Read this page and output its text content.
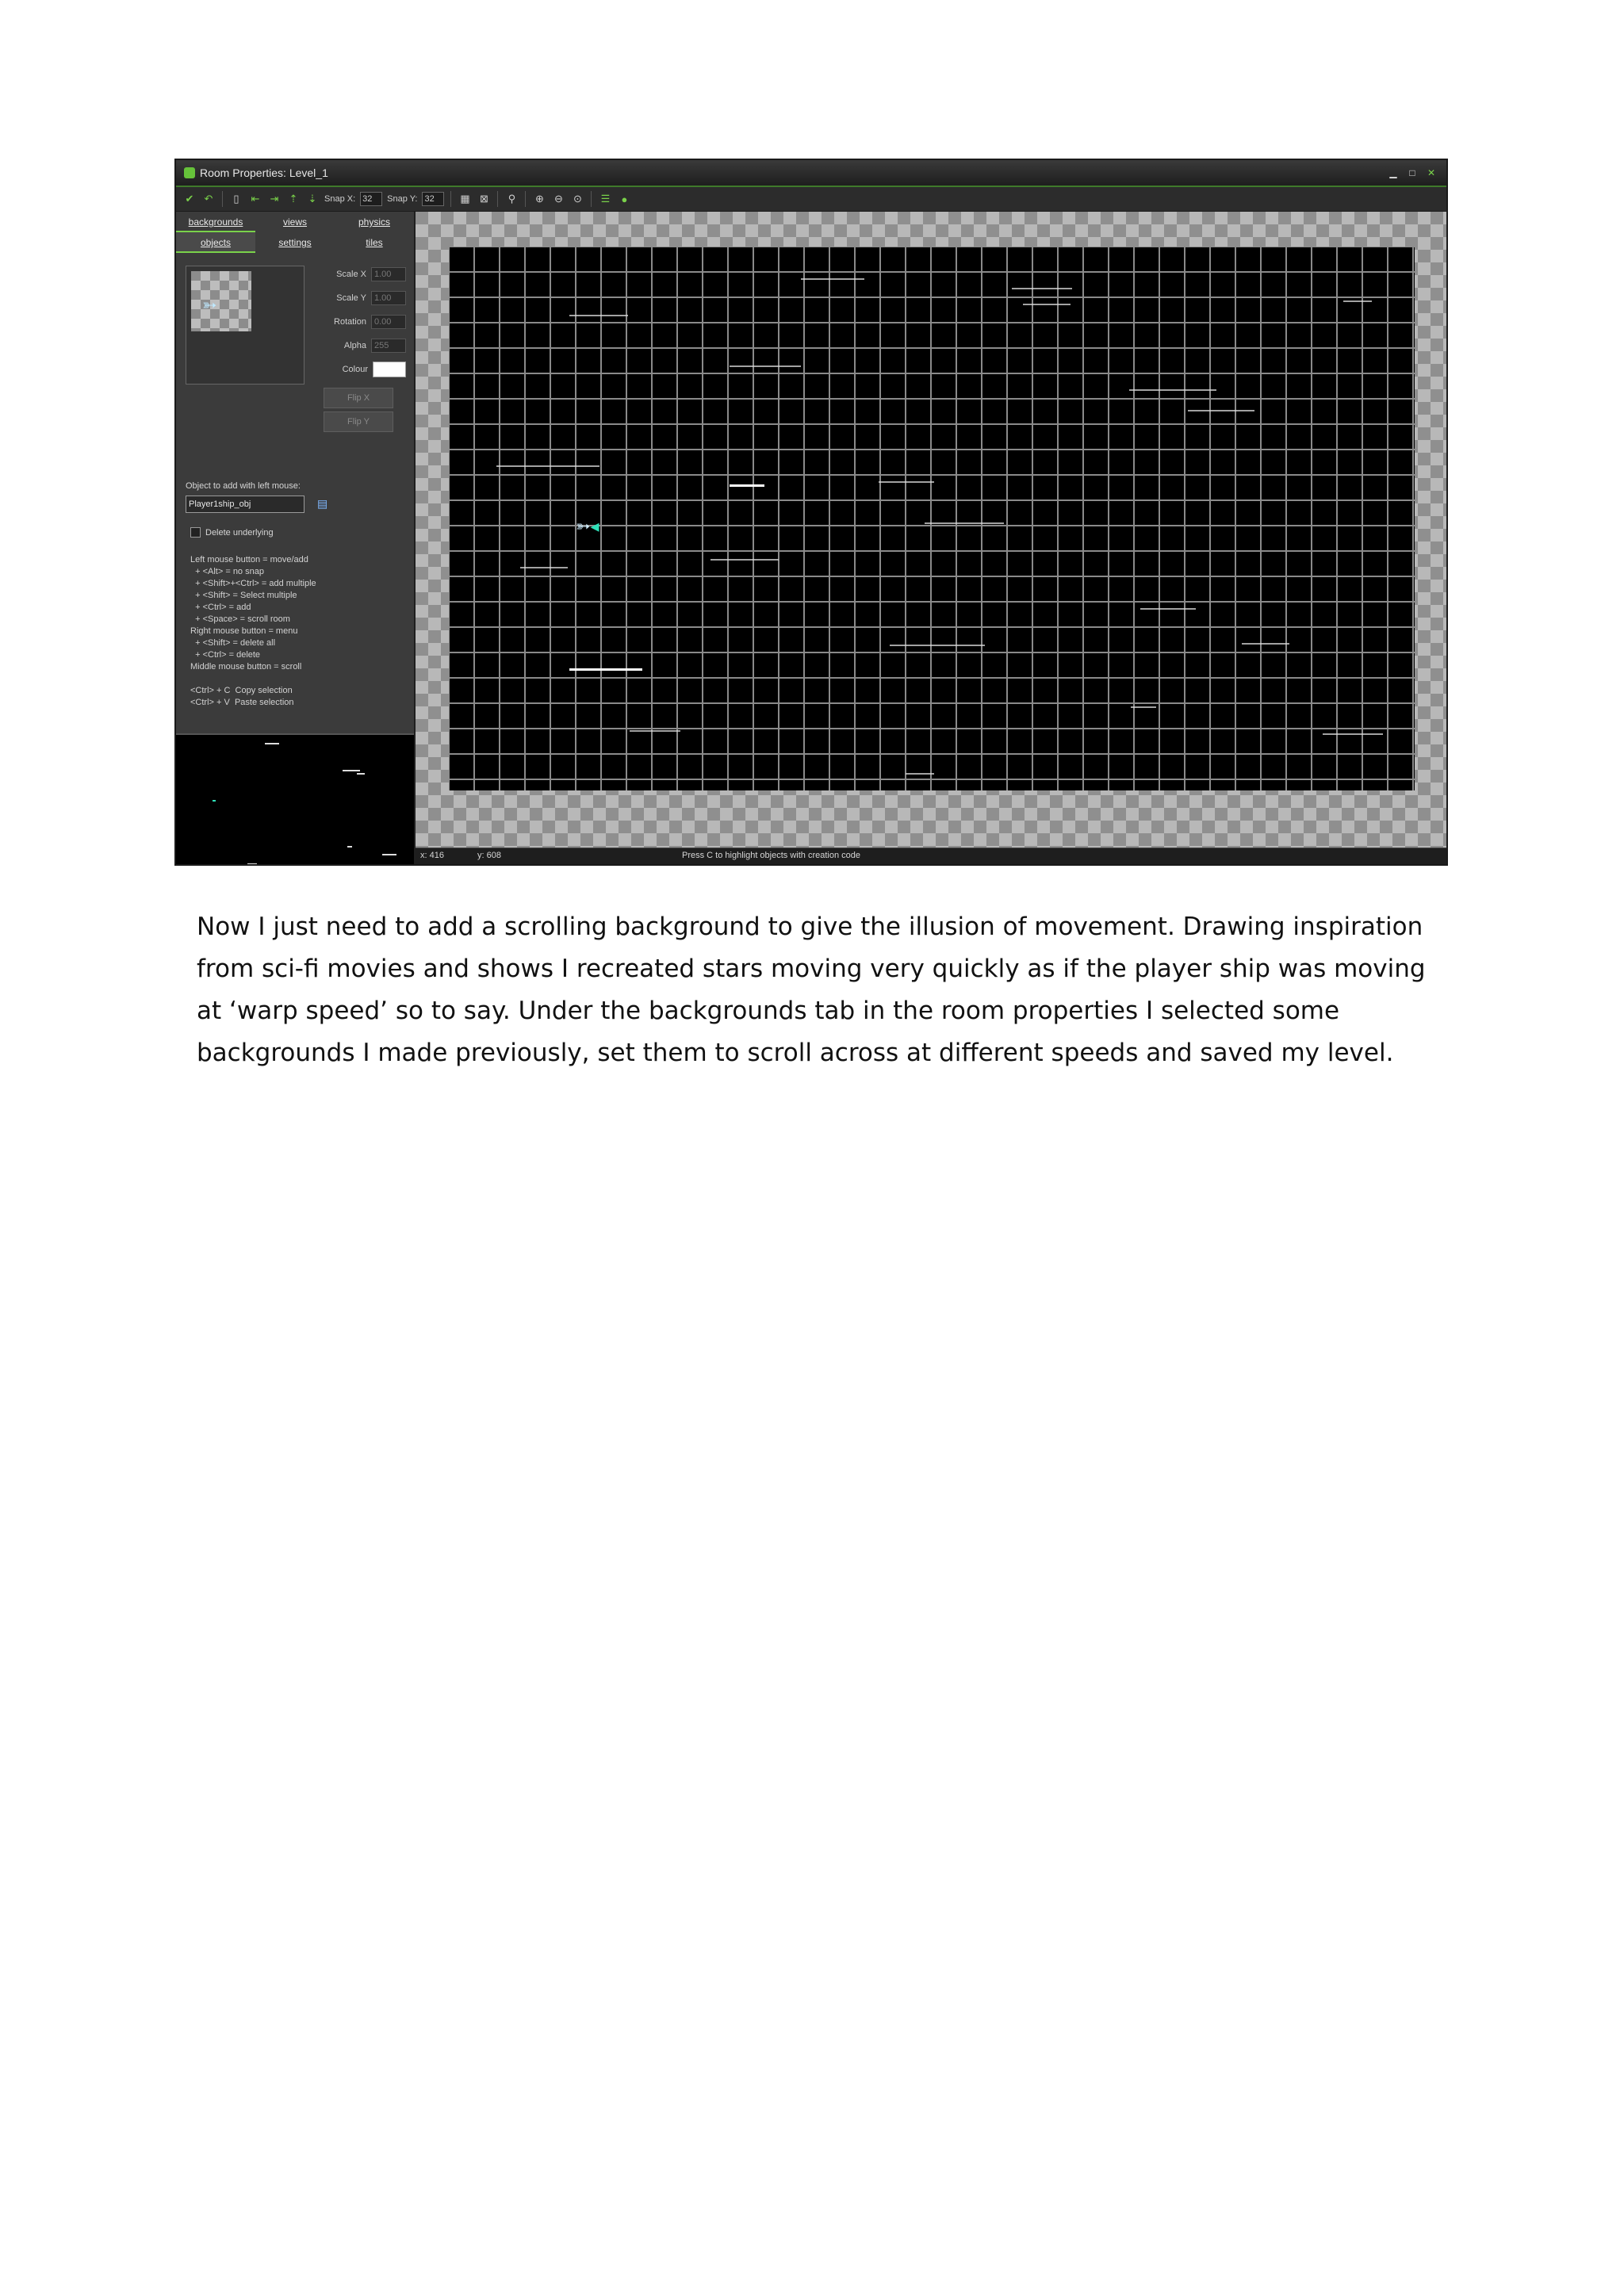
Room Properties: Level_1	▁	□	✕
✔ ↶	▯	⇤ ⇥ ⇡ ⇣ Snap X:
32	Snap Y:
32	▦ ⊠	⚲	⊕ ⊖ ⊙ ☰	●
backgrounds	views	physics
objects	settings	tiles
➳
Scale X
1.00
Scale Y
1.00
Rotation
0.00
Alpha
255
Colour
Flip X
Flip Y
Object to add with left mouse:
Player1ship_obj	▤
Delete underlying
Left mouse button = move/add
+ <Alt> = no snap
+ <Shift>+<Ctrl> = add multiple
+ <Shift> = Select multiple
+ <Ctrl> = add
+ <Space> = scroll room
Right mouse button = menu
+ <Shift> = delete all
+ <Ctrl> = delete
Middle mouse button = scroll

<Ctrl> + C  Copy selection
<Ctrl> + V  Paste selection
➳◂
x: 416	y: 608	Press C to highlight objects with creation code

Now I just need to add a scrolling background to give the illusion of movement. Drawing inspiration from sci-fi movies and shows I recreated stars moving very quickly as if the player ship was moving at ‘warp speed’ so to say. Under the backgrounds tab in the room properties I selected some backgrounds I made previously, set them to scroll across at different speeds and saved my level.
